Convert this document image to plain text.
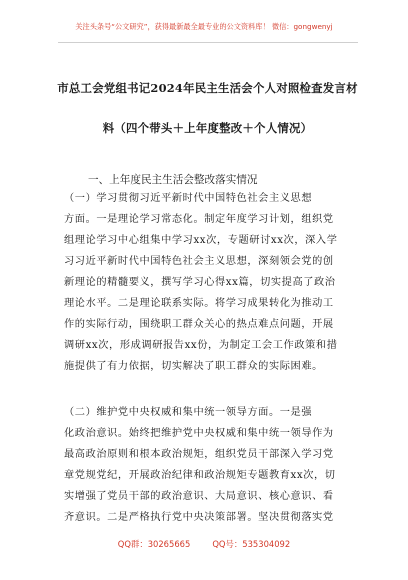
关注头条号“公文研究”，获得最新最全最专业的公文资料库！ 微信：gongwenyj
市总工会党组书记2024年民主生活会个人对照检查发言材
料（四个带头＋上年度整改＋个人情况）
一、上年度民主生活会整改落实情况
（一）学习贯彻习近平新时代中国特色社会主义思想
方面。一是理论学习常态化。制定年度学习计划，组织党
组理论学习中心组集中学习xx次，专题研讨xx次，深入学
习习近平新时代中国特色社会主义思想，深刻领会党的创
新理论的精髓要义，撰写学习心得xx篇，切实提高了政治
理论水平。二是理论联系实际。将学习成果转化为推动工
作的实际行动，围绕职工群众关心的热点难点问题，开展
调研xx次，形成调研报告xx份，为制定工会工作政策和措
施提供了有力依据，切实解决了职工群众的实际困难。
（二）维护党中央权威和集中统一领导方面。一是强
化政治意识。始终把维护党中央权威和集中统一领导作为
最高政治原则和根本政治规矩，组织党员干部深入学习党
章党规党纪，开展政治纪律和政治规矩专题教育xx次，切
实增强了党员干部的政治意识、大局意识、核心意识、看
齐意识。二是严格执行党中央决策部署。坚决贯彻落实党
QQ群：30265665	QQ号：535304092
